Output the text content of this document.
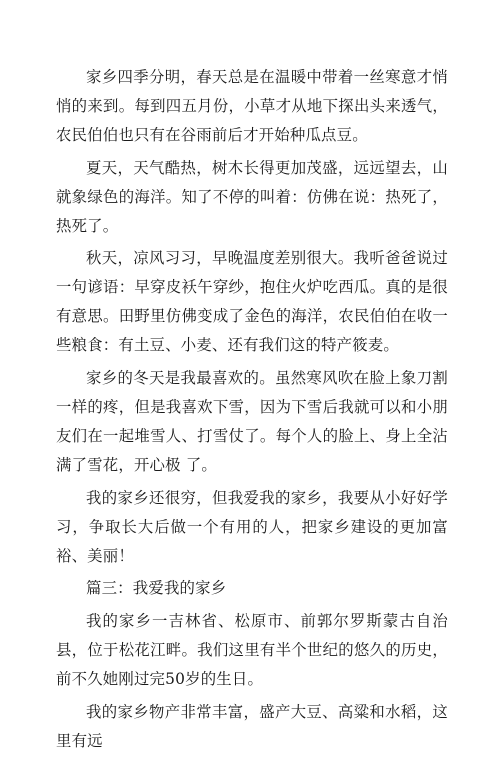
家乡四季分明，春天总是在温暖中带着一丝寒意才悄悄的来到。每到四五月份，小草才从地下探出头来透气，农民伯伯也只有在谷雨前后才开始种瓜点豆。

夏天，天气酷热，树木长得更加茂盛，远远望去，山就象绿色的海洋。知了不停的叫着：仿佛在说：热死了，热死了。

秋天，凉风习习，早晚温度差别很大。我听爸爸说过一句谚语：早穿皮袄午穿纱，抱住火炉吃西瓜。真的是很有意思。田野里仿佛变成了金色的海洋，农民伯伯在收一些粮食：有土豆、小麦、还有我们这的特产筱麦。

家乡的冬天是我最喜欢的。虽然寒风吹在脸上象刀割一样的疼，但是我喜欢下雪，因为下雪后我就可以和小朋友们在一起堆雪人、打雪仗了。每个人的脸上、身上全沾满了雪花，开心极 了。

我的家乡还很穷，但我爱我的家乡，我要从小好好学习，争取长大后做一个有用的人，把家乡建设的更加富裕、美丽！

篇三：我爱我的家乡

我的家乡一吉林省、松原市、前郭尔罗斯蒙古自治县，位于松花江畔。我们这里有半个世纪的悠久的历史，前不久她刚过完50岁的生日。

我的家乡物产非常丰富，盛产大豆、高粱和水稻，这里有远
